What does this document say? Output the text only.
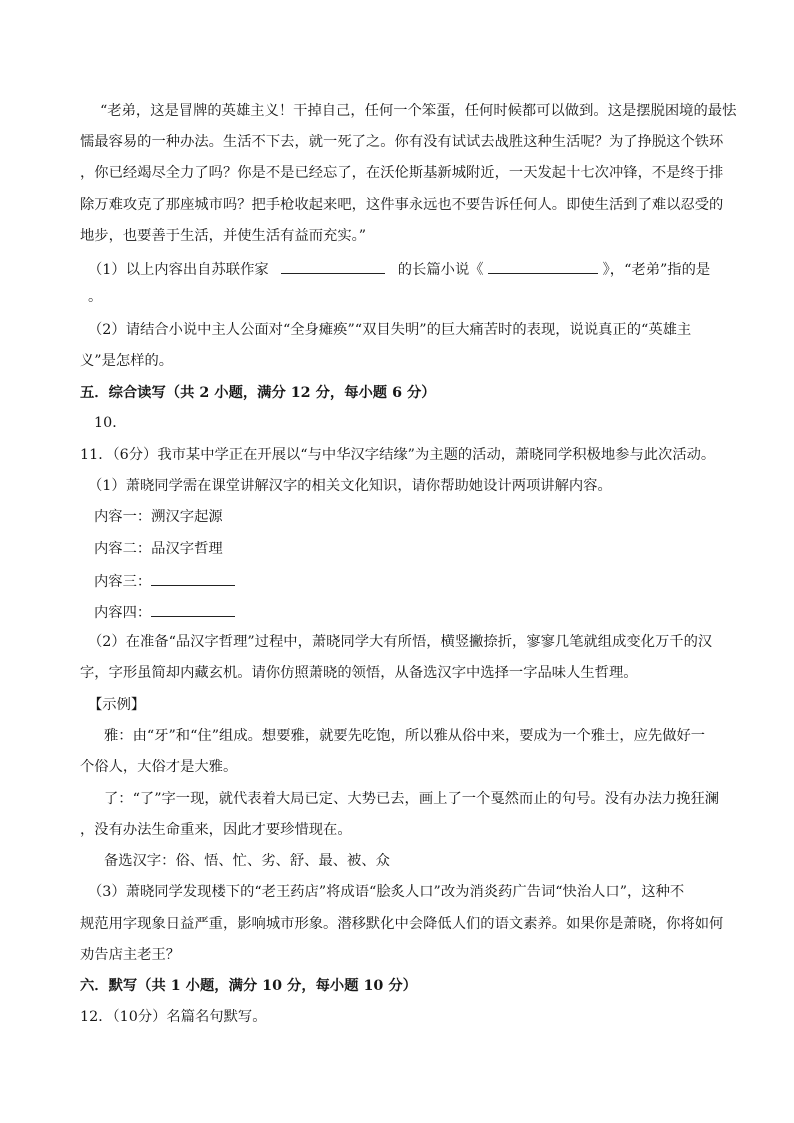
“老弟，这是冒牌的英雄主义！干掉自己，任何一个笨蛋，任何时候都可以做到。这是摆脱困境的最怯
懦最容易的一种办法。生活不下去，就一死了之。你有没有试试去战胜这种生活呢？为了挣脱这个铁环
，你已经竭尽全力了吗？你是不是已经忘了，在沃伦斯基新城附近，一天发起十七次冲锋，不是终于排
除万难攻克了那座城市吗？把手枪收起来吧，这件事永远也不要告诉任何人。即使生活到了难以忍受的
地步，也要善于生活，并使生活有益而充实。”
（1）以上内容出自苏联作家	的长篇小说《	》，“老弟”指的是
。
（2）请结合小说中主人公面对“全身瘫痪”“双目失明”的巨大痛苦时的表现，说说真正的“英雄主
义”是怎样的。
五．综合读写（共 2 小题，满分 12 分，每小题 6 分）
10．
11．（6分）我市某中学正在开展以“与中华汉字结缘”为主题的活动，萧晓同学积极地参与此次活动。
（1）萧晓同学需在课堂讲解汉字的相关文化知识，请你帮助她设计两项讲解内容。
内容一：溯汉字起源
内容二：品汉字哲理
内容三：
内容四：
（2）在准备“品汉字哲理”过程中，萧晓同学大有所悟，横竖撇捺折，寥寥几笔就组成变化万千的汉
字，字形虽简却内藏玄机。请你仿照萧晓的领悟，从备选汉字中选择一字品味人生哲理。
【示例】
雅：由“牙”和“住”组成。想要雅，就要先吃饱，所以雅从俗中来，要成为一个雅士，应先做好一
个俗人，大俗才是大雅。
了：“了”字一现，就代表着大局已定、大势已去，画上了一个戛然而止的句号。没有办法力挽狂澜
，没有办法生命重来，因此才要珍惜现在。
备选汉字：俗、悟、忙、劣、舒、最、被、众
（3）萧晓同学发现楼下的“老王药店”将成语“脍炙人口”改为消炎药广告词“快治人口”，这种不
规范用字现象日益严重，影响城市形象。潜移默化中会降低人们的语文素养。如果你是萧晓，你将如何
劝告店主老王？
六．默写（共 1 小题，满分 10 分，每小题 10 分）
12．（10分）名篇名句默写。
